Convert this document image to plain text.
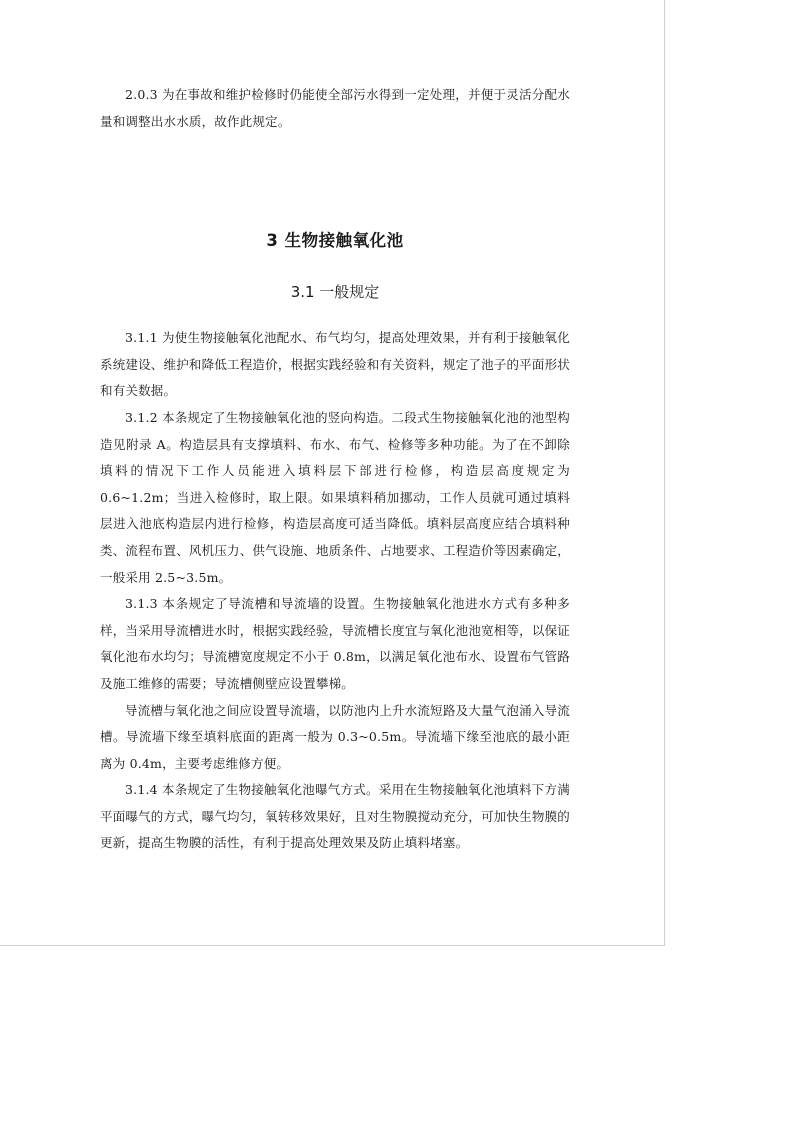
2.0.3 为在事故和维护检修时仍能使全部污水得到一定处理，并便于灵活分配水量和调整出水水质，故作此规定。

3 生物接触氧化池
3.1 一般规定

3.1.1 为使生物接触氧化池配水、布气均匀，提高处理效果，并有利于接触氧化系统建设、维护和降低工程造价，根据实践经验和有关资料，规定了池子的平面形状和有关数据。

3.1.2 本条规定了生物接触氧化池的竖向构造。二段式生物接触氧化池的池型构造见附录 A。构造层具有支撑填料、布水、布气、检修等多种功能。为了在不卸除填料的情况下工作人员能进入填料层下部进行检修，构造层高度规定为 0.6~1.2m；当进入检修时，取上限。如果填料稍加挪动，工作人员就可通过填料层进入池底构造层内进行检修，构造层高度可适当降低。填料层高度应结合填料种类、流程布置、风机压力、供气设施、地质条件、占地要求、工程造价等因素确定，一般采用 2.5~3.5m。

3.1.3 本条规定了导流槽和导流墙的设置。生物接触氧化池进水方式有多种多样，当采用导流槽进水时，根据实践经验，导流槽长度宜与氧化池池宽相等，以保证氧化池布水均匀；导流槽宽度规定不小于 0.8m，以满足氧化池布水、设置布气管路及施工维修的需要；导流槽侧壁应设置攀梯。

导流槽与氧化池之间应设置导流墙，以防池内上升水流短路及大量气泡涌入导流槽。导流墙下缘至填料底面的距离一般为 0.3~0.5m。导流墙下缘至池底的最小距离为 0.4m，主要考虑维修方便。

3.1.4 本条规定了生物接触氧化池曝气方式。采用在生物接触氧化池填料下方满平面曝气的方式，曝气均匀，氧转移效果好，且对生物膜搅动充分，可加快生物膜的更新，提高生物膜的活性，有利于提高处理效果及防止填料堵塞。
